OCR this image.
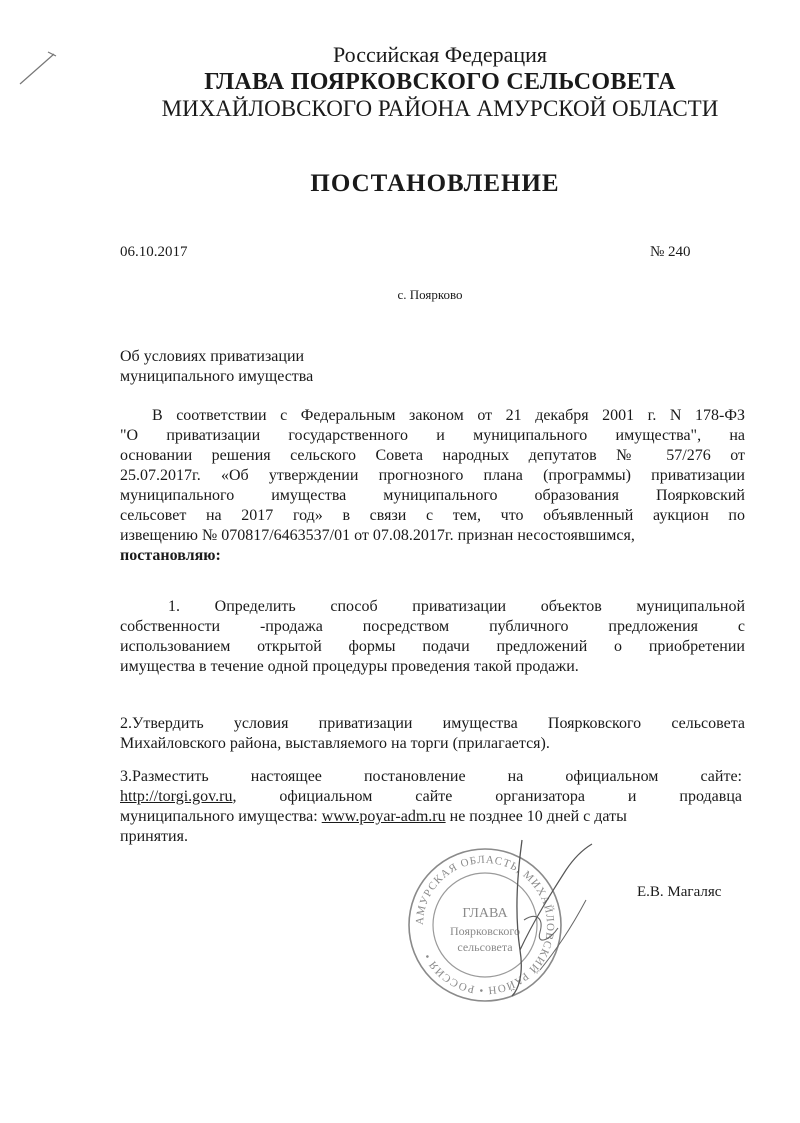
Российская Федерация
ГЛАВА ПОЯРКОВСКОГО СЕЛЬСОВЕТА
МИХАЙЛОВСКОГО РАЙОНА АМУРСКОЙ ОБЛАСТИ
ПОСТАНОВЛЕНИЕ
06.10.2017	№ 240
с. Поярково
Об условиях приватизации
муниципального имущества
В соответствии с Федеральным законом от 21 декабря 2001 г. N 178-ФЗ
"О приватизации государственного и муниципального имущества", на
основании решения сельского Совета народных депутатов № 57/276 от
25.07.2017г. «Об утверждении прогнозного плана (программы) приватизации
муниципального имущества муниципального образования Поярковский
сельсовет на 2017 год» в связи с тем, что объявленный аукцион по
извещению № 070817/6463537/01 от 07.08.2017г. признан несостоявшимся,
постановляю:
1. Определить способ приватизации объектов муниципальной
собственности -продажа посредством публичного предложения с
использованием открытой формы подачи предложений о приобретении
имущества в течение одной процедуры проведения такой продажи.
2.Утвердить условия приватизации имущества Поярковского сельсовета
Михайловского района, выставляемого на торги (прилагается).
3.Разместить настоящее постановление на официальном сайте:
http://torgi.gov.ru, официальном сайте организатора и продавца
муниципального имущества: www.poyar-adm.ru не позднее 10 дней с даты
принятия.
АМУРСКАЯ ОБЛАСТЬ, МИХАЙЛОВСКИЙ РАЙОН • РОССИЯ •
ГЛАВА
Поярковского
сельсовета
Е.В. Магаляс
